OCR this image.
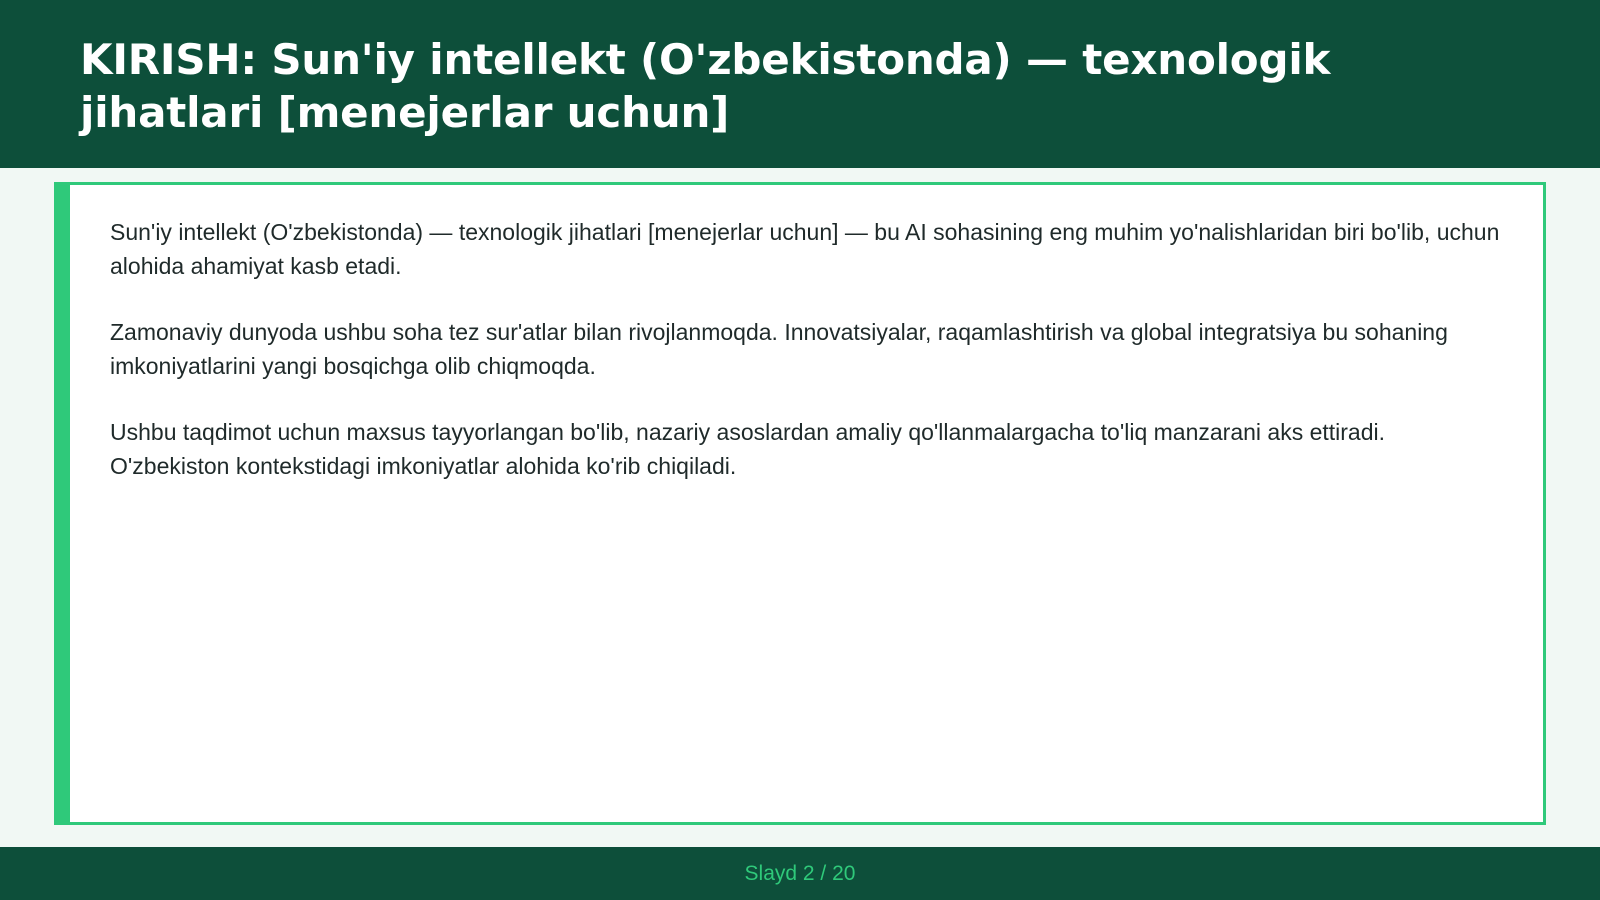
KIRISH: Sun'iy intellekt (O'zbekistonda) — texnologik jihatlari [menejerlar uchun]

Sun'iy intellekt (O'zbekistonda) — texnologik jihatlari [menejerlar uchun] — bu AI sohasining eng muhim yo'nalishlaridan biri bo'lib, uchun alohida ahamiyat kasb etadi.

Zamonaviy dunyoda ushbu soha tez sur'atlar bilan rivojlanmoqda. Innovatsiyalar, raqamlashtirish va global integratsiya bu sohaning imkoniyatlarini yangi bosqichga olib chiqmoqda.

Ushbu taqdimot uchun maxsus tayyorlangan bo'lib, nazariy asoslardan amaliy qo'llanmalargacha to'liq manzarani aks ettiradi. O'zbekiston kontekstidagi imkoniyatlar alohida ko'rib chiqiladi.

Slayd 2 / 20
